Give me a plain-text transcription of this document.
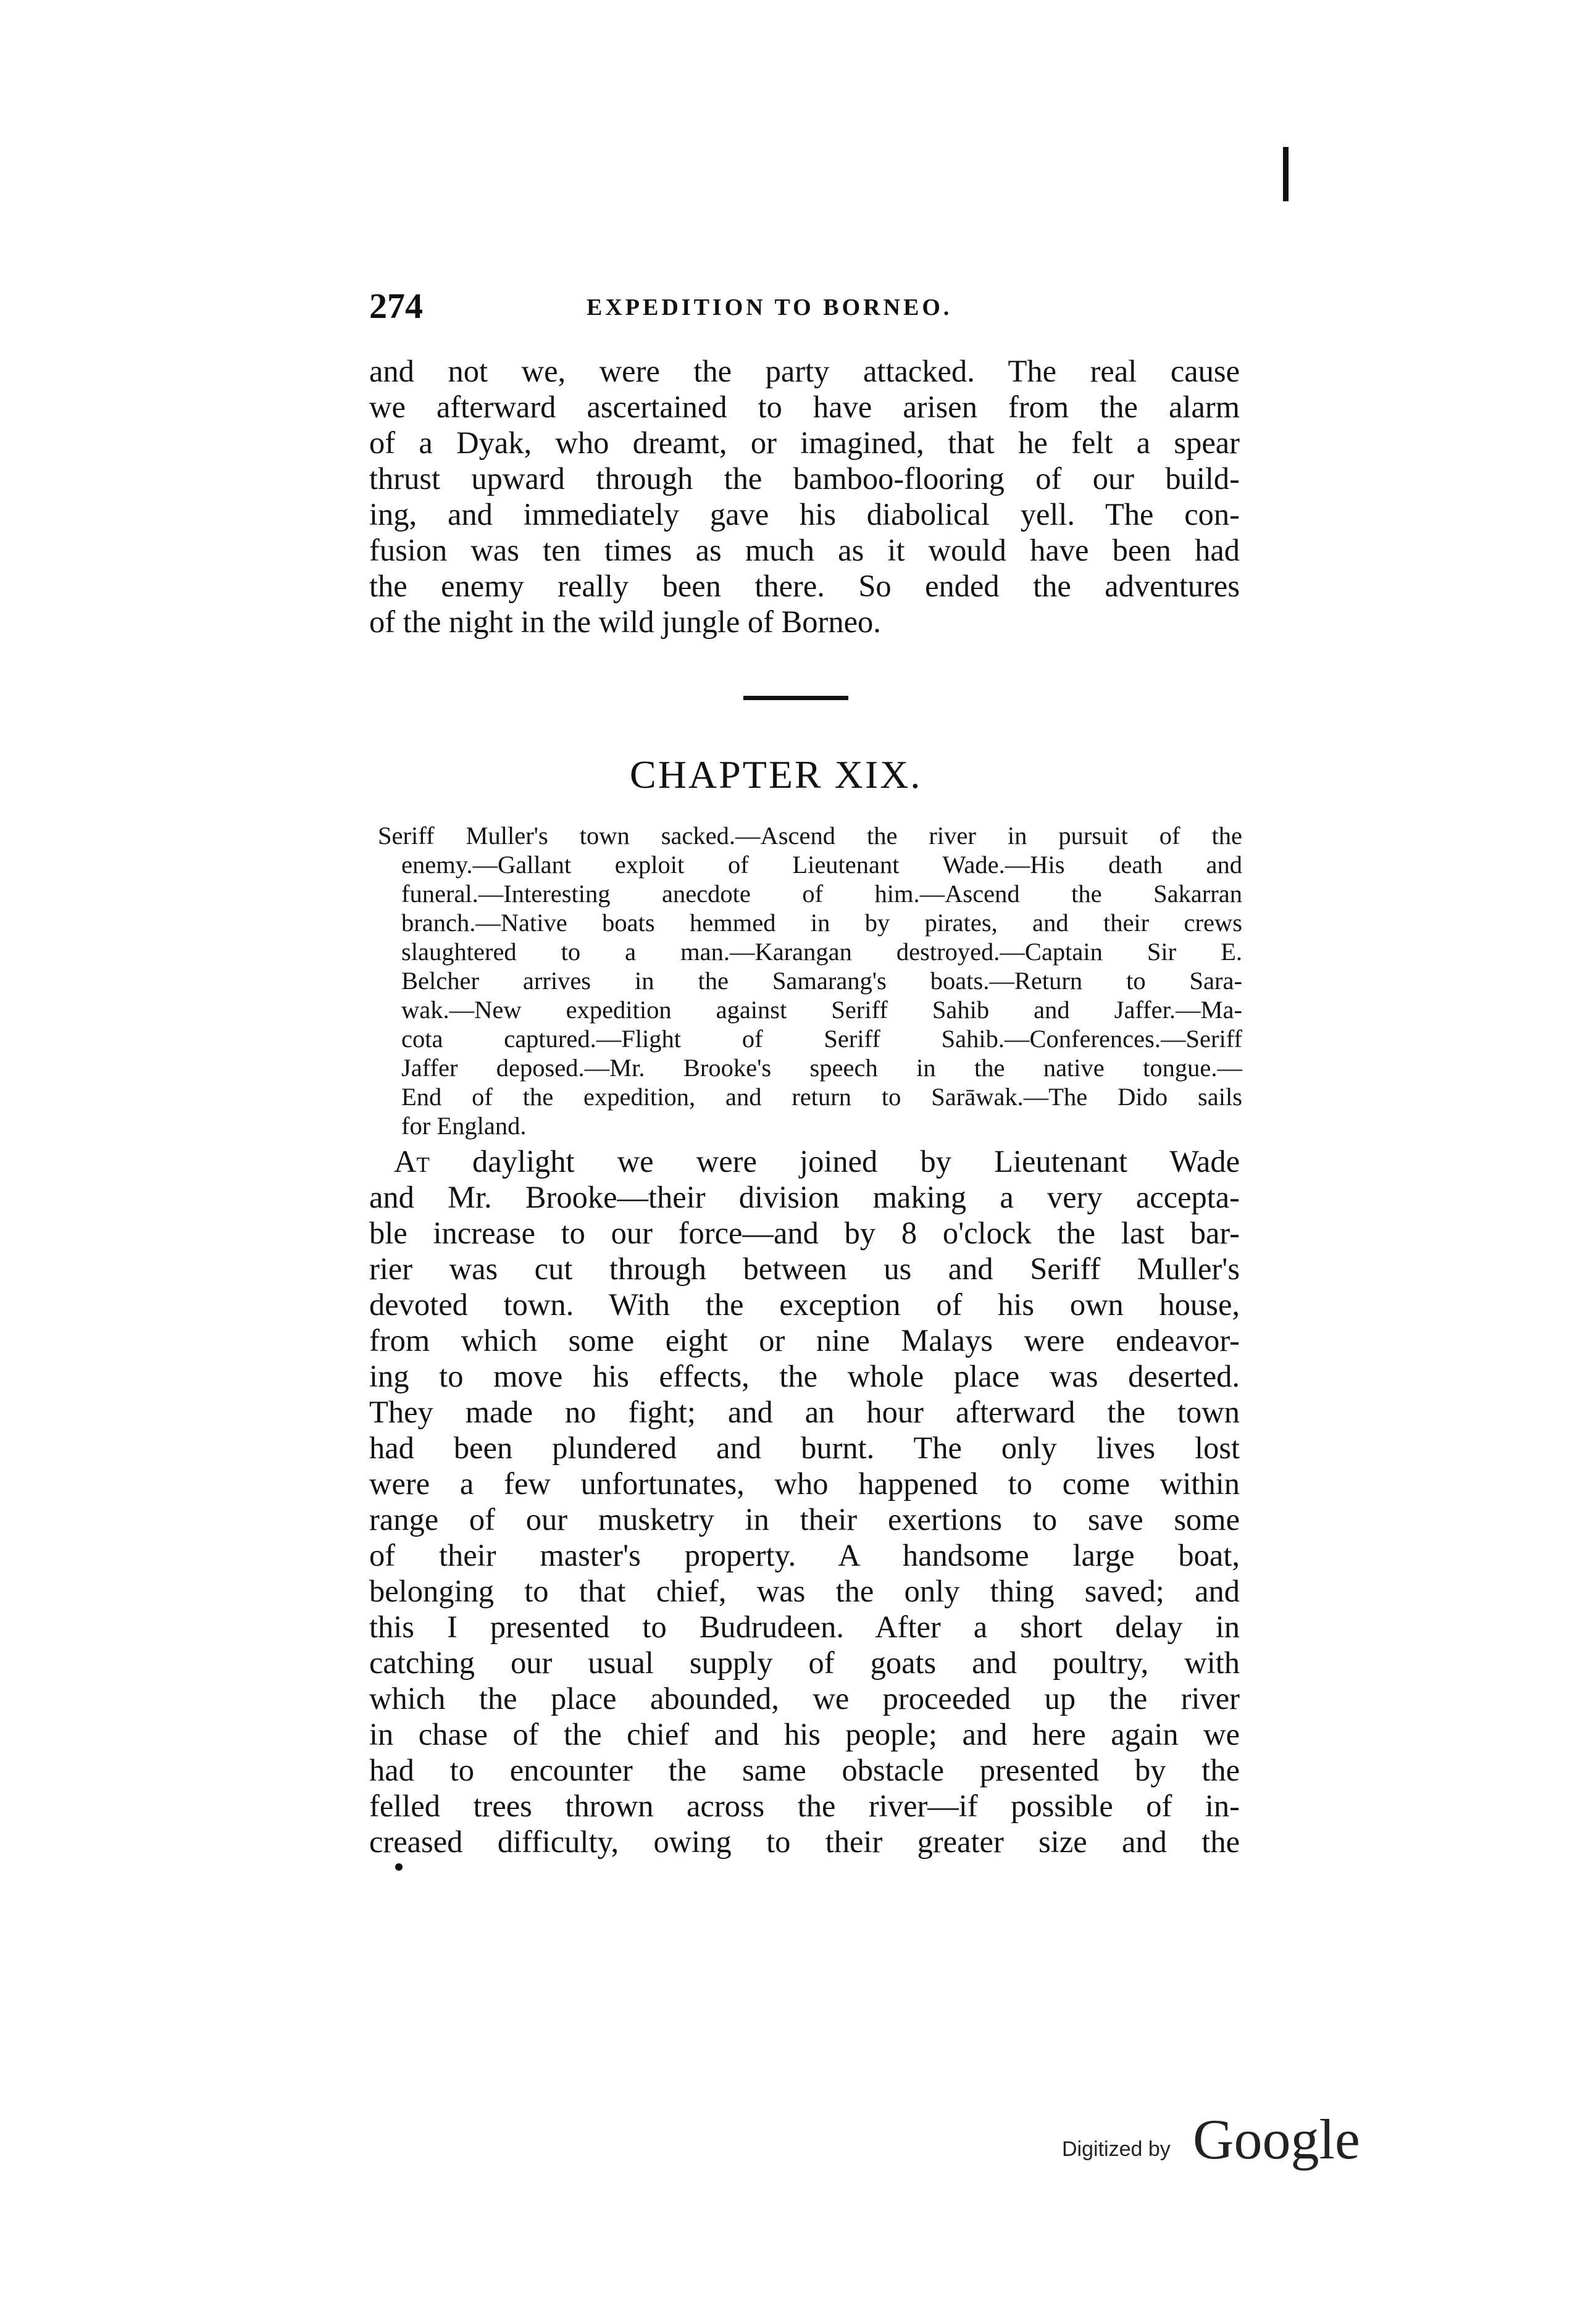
274	EXPEDITION TO BORNEO.
and not we, were the party attacked. The real cause
we afterward ascertained to have arisen from the alarm
of a Dyak, who dreamt, or imagined, that he felt a spear
thrust upward through the bamboo-flooring of our build-
ing, and immediately gave his diabolical yell. The con-
fusion was ten times as much as it would have been had
the enemy really been there. So ended the adventures
of the night in the wild jungle of Borneo.
CHAPTER XIX.
Seriff Muller's town sacked.—Ascend the river in pursuit of the
enemy.—Gallant exploit of Lieutenant Wade.—His death and
funeral.—Interesting anecdote of him.—Ascend the Sakarran
branch.—Native boats hemmed in by pirates, and their crews
slaughtered to a man.—Karangan destroyed.—Captain Sir E.
Belcher arrives in the Samarang's boats.—Return to Sara-
wak.—New expedition against Seriff Sahib and Jaffer.—Ma-
cota captured.—Flight of Seriff Sahib.—Conferences.—Seriff
Jaffer deposed.—Mr. Brooke's speech in the native tongue.—
End of the expedition, and return to Sarāwak.—The Dido sails
for England.
At daylight we were joined by Lieutenant Wade
and Mr. Brooke—their division making a very accepta-
ble increase to our force—and by 8 o'clock the last bar-
rier was cut through between us and Seriff Muller's
devoted town. With the exception of his own house,
from which some eight or nine Malays were endeavor-
ing to move his effects, the whole place was deserted.
They made no fight; and an hour afterward the town
had been plundered and burnt. The only lives lost
were a few unfortunates, who happened to come within
range of our musketry in their exertions to save some
of their master's property. A handsome large boat,
belonging to that chief, was the only thing saved; and
this I presented to Budrudeen. After a short delay in
catching our usual supply of goats and poultry, with
which the place abounded, we proceeded up the river
in chase of the chief and his people; and here again we
had to encounter the same obstacle presented by the
felled trees thrown across the river—if possible of in-
creased difficulty, owing to their greater size and the
Digitized by Google
